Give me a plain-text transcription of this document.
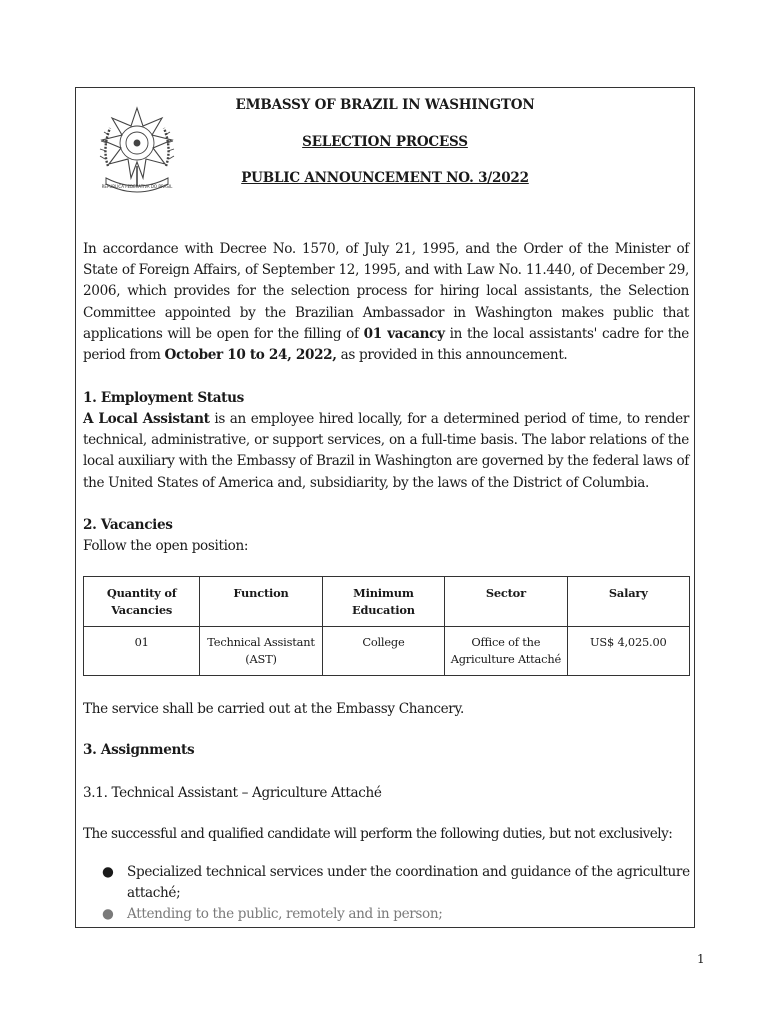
REPUBLICA FEDERATIVA DO BRASIL
EMBASSY OF BRAZIL IN WASHINGTON
SELECTION PROCESS
PUBLIC ANNOUNCEMENT NO. 3/2022
In accordance with Decree No. 1570, of July 21, 1995, and the Order of the Minister of State of Foreign Affairs, of September 12, 1995, and with Law No. 11.440, of December 29, 2006, which provides for the selection process for hiring local assistants, the Selection Committee appointed by the Brazilian Ambassador in Washington makes public that applications will be open for the filling of 01 vacancy in the local assistants' cadre for the period from October 10 to 24, 2022, as provided in this announcement.
1. Employment Status
A Local Assistant is an employee hired locally, for a determined period of time, to render technical, administrative, or support services, on a full-time basis. The labor relations of the local auxiliary with the Embassy of Brazil in Washington are governed by the federal laws of the United States of America and, subsidiarity, by the laws of the District of Columbia.
2. Vacancies
Follow the open position:
Quantity of Vacancies	Function	Minimum Education	Sector	Salary
01	Technical Assistant (AST)	College	Office of the Agriculture Attaché	US$ 4,025.00
The service shall be carried out at the Embassy Chancery.
3. Assignments
3.1. Technical Assistant – Agriculture Attaché
The successful and qualified candidate will perform the following duties, but not exclusively:
● Specialized technical services under the coordination and guidance of the agriculture attaché;
● Attending to the public, remotely and in person;
1
